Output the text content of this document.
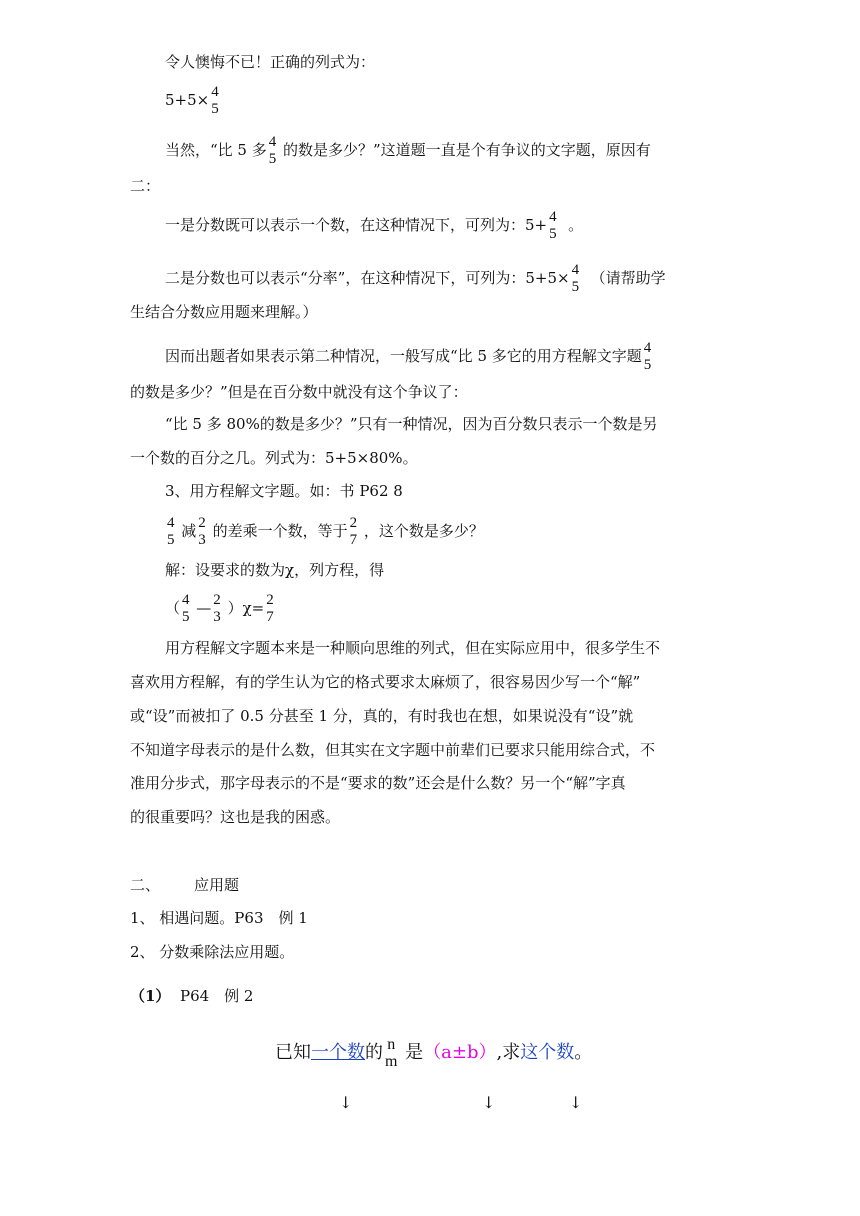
令人懊悔不已！正确的列式为：
5+5× 4
5
当然，“比 5 多 4
5 的数是多少？”这道题一直是个有争议的文字题，原因有
二：
一是分数既可以表示一个数，在这种情况下，可列为：5+ 4
5 。
二是分数也可以表示“分率”，在这种情况下，可列为：5+5× 4
5 （请帮助学
生结合分数应用题来理解。）
因而出题者如果表示第二种情况，一般写成“比 5 多它的用方程解文字题 4
5
的数是多少？”但是在百分数中就没有这个争议了：
“比 5 多 80%的数是多少？”只有一种情况，因为百分数只表示一个数是另
一个数的百分之几。列式为：5+5×80%。
3、用方程解文字题。如：书 P62 8
4
5 减 2
3 的差乘一个数，等于 2
7 ，这个数是多少？
解：设要求的数为χ，列方程，得
（ 4
5 — 2
3 ）χ= 2
7
用方程解文字题本来是一种顺向思维的列式，但在实际应用中，很多学生不
喜欢用方程解，有的学生认为它的格式要求太麻烦了，很容易因少写一个“解”
或“设”而被扣了 0.5 分甚至 1 分，真的，有时我也在想，如果说没有“设”就
不知道字母表示的是什么数，但其实在文字题中前辈们已要求只能用综合式，不
准用分步式，那字母表示的不是“要求的数”还会是什么数？另一个“解”字真
的很重要吗？这也是我的困惑。
二、 应用题
1、 相遇问题。P63　例 1
2、 分数乘除法应用题。
（1） P64　例 2
已知一个数的 n
m 是（a±b）,求这个数。
↓	↓	↓
